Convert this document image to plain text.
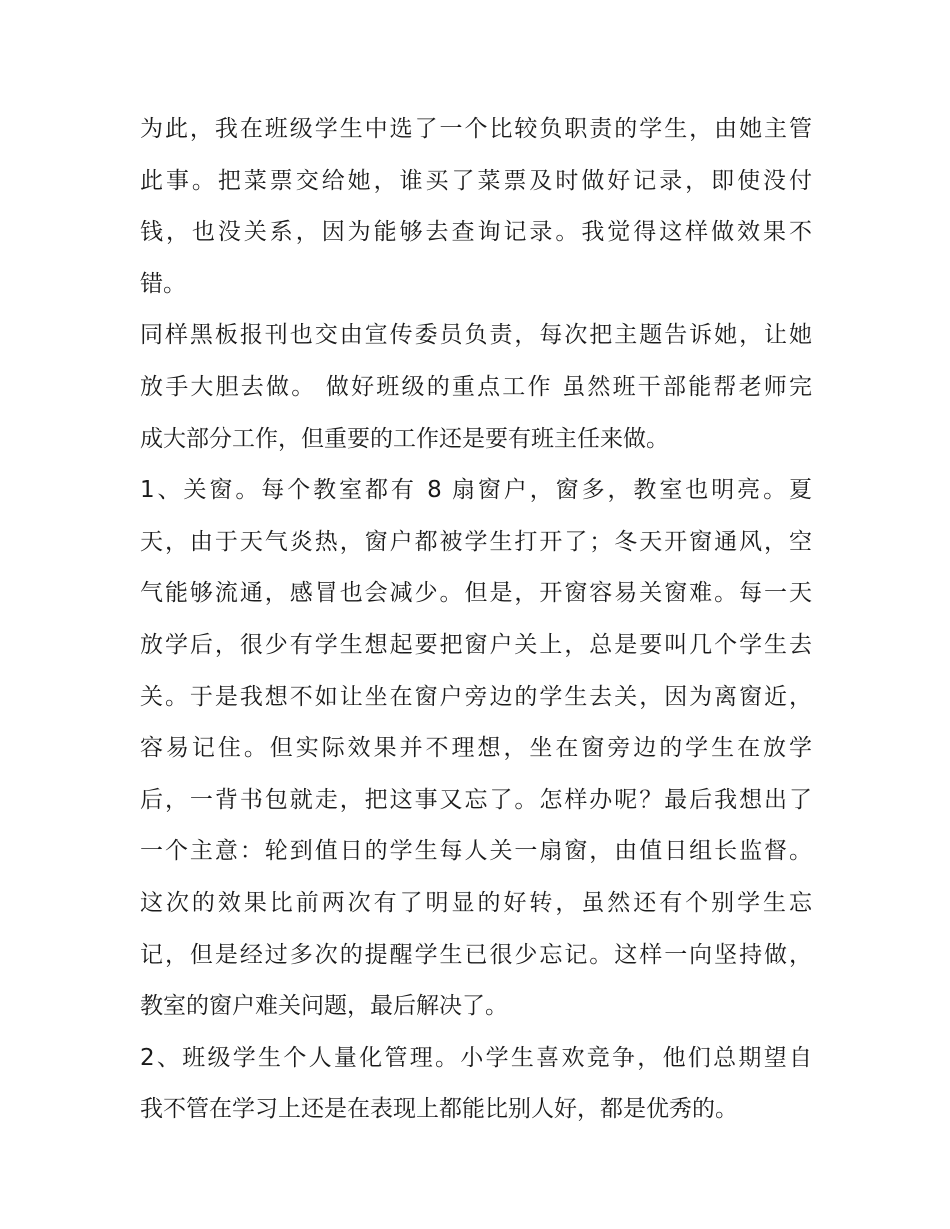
为此，我在班级学生中选了一个比较负职责的学生，由她主管
此事。把菜票交给她，谁买了菜票及时做好记录，即使没付
钱，也没关系，因为能够去查询记录。我觉得这样做效果不
错。
同样黑板报刊也交由宣传委员负责，每次把主题告诉她，让她
放手大胆去做。 做好班级的重点工作 虽然班干部能帮老师完
成大部分工作，但重要的工作还是要有班主任来做。
1、关窗。每个教室都有 8 扇窗户，窗多，教室也明亮。夏
天，由于天气炎热，窗户都被学生打开了；冬天开窗通风，空
气能够流通，感冒也会减少。但是，开窗容易关窗难。每一天
放学后，很少有学生想起要把窗户关上，总是要叫几个学生去
关。于是我想不如让坐在窗户旁边的学生去关，因为离窗近，
容易记住。但实际效果并不理想，坐在窗旁边的学生在放学
后，一背书包就走，把这事又忘了。怎样办呢？最后我想出了
一个主意：轮到值日的学生每人关一扇窗，由值日组长监督。
这次的效果比前两次有了明显的好转，虽然还有个别学生忘
记，但是经过多次的提醒学生已很少忘记。这样一向坚持做，
教室的窗户难关问题，最后解决了。
2、班级学生个人量化管理。小学生喜欢竞争，他们总期望自
我不管在学习上还是在表现上都能比别人好，都是优秀的。
